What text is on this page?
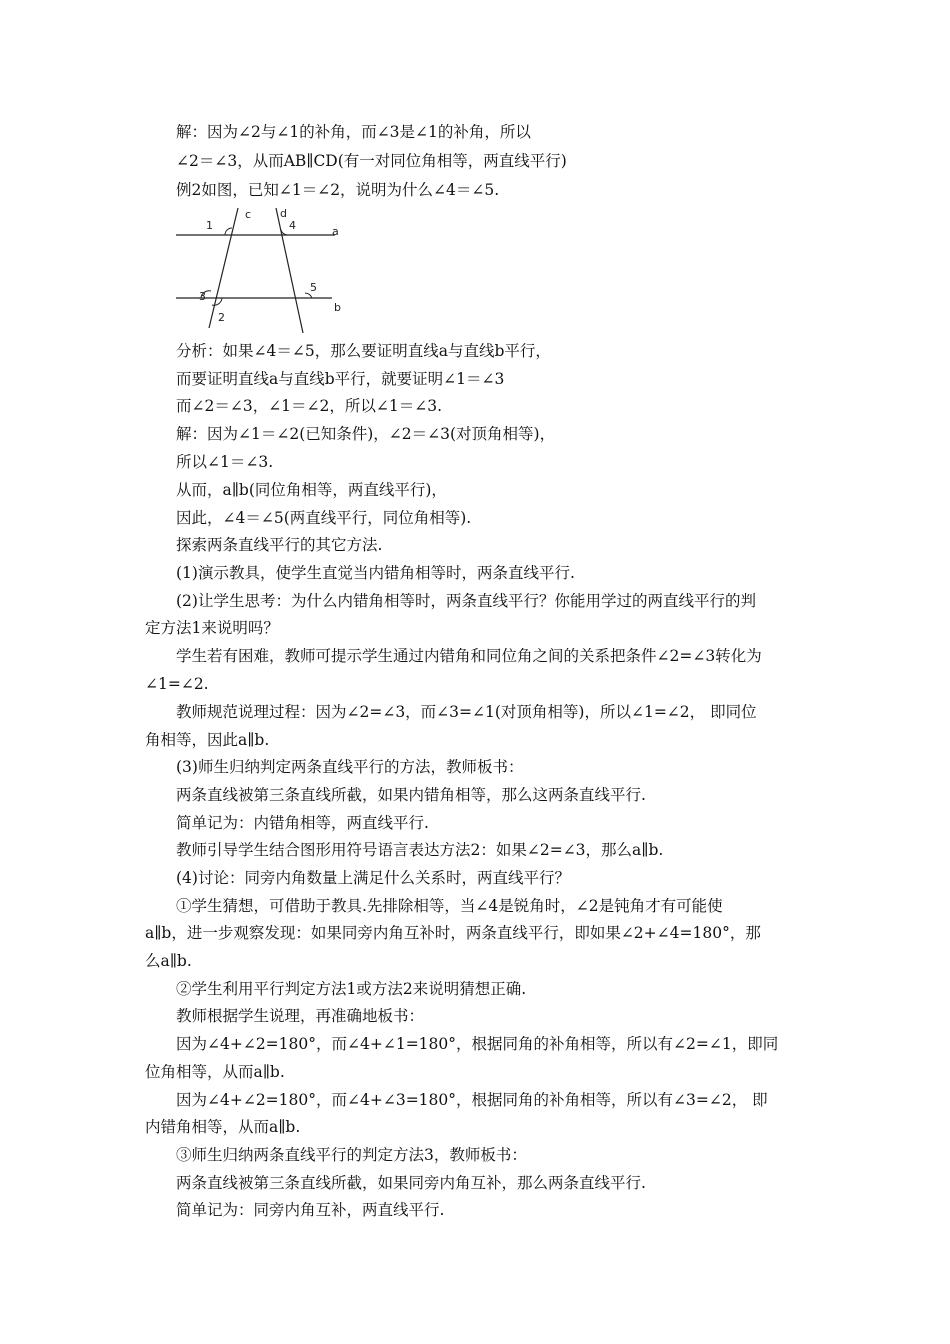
解：因为∠2与∠1的补角，而∠3是∠1的补角，所以
∠2＝∠3，从而AB∥CD(有一对同位角相等，两直线平行)
例2如图，已知∠1＝∠2，说明为什么∠4＝∠5.
1
c	d
4	a
3
5
b
2
分析：如果∠4＝∠5，那么要证明直线a与直线b平行，
而要证明直线a与直线b平行，就要证明∠1＝∠3
而∠2＝∠3，∠1＝∠2，所以∠1＝∠3.
解：因为∠1＝∠2(已知条件)，∠2＝∠3(对顶角相等)，
所以∠1＝∠3.
从而，a∥b(同位角相等，两直线平行)，
因此，∠4＝∠5(两直线平行，同位角相等).
探索两条直线平行的其它方法.
(1)演示教具，使学生直觉当内错角相等时，两条直线平行.
(2)让学生思考：为什么内错角相等时，两条直线平行？你能用学过的两直线平行的判
定方法1来说明吗？
学生若有困难，教师可提示学生通过内错角和同位角之间的关系把条件∠2=∠3转化为
∠1=∠2.
教师规范说理过程：因为∠2=∠3，而∠3=∠1(对顶角相等)，所以∠1=∠2， 即同位
角相等，因此a∥b.
(3)师生归纳判定两条直线平行的方法，教师板书：
两条直线被第三条直线所截，如果内错角相等，那么这两条直线平行.
简单记为：内错角相等，两直线平行.
教师引导学生结合图形用符号语言表达方法2：如果∠2=∠3，那么a∥b.
(4)讨论：同旁内角数量上满足什么关系时，两直线平行？
①学生猜想，可借助于教具.先排除相等，当∠4是锐角时，∠2是钝角才有可能使
a∥b，进一步观察发现：如果同旁内角互补时，两条直线平行，即如果∠2+∠4=180°，那
么a∥b.
②学生利用平行判定方法1或方法2来说明猜想正确.
教师根据学生说理，再准确地板书：
因为∠4+∠2=180°，而∠4+∠1=180°，根据同角的补角相等，所以有∠2=∠1，即同
位角相等，从而a∥b.
因为∠4+∠2=180°，而∠4+∠3=180°，根据同角的补角相等，所以有∠3=∠2， 即
内错角相等，从而a∥b.
③师生归纳两条直线平行的判定方法3，教师板书：
两条直线被第三条直线所截，如果同旁内角互补，那么两条直线平行.
简单记为：同旁内角互补，两直线平行.
